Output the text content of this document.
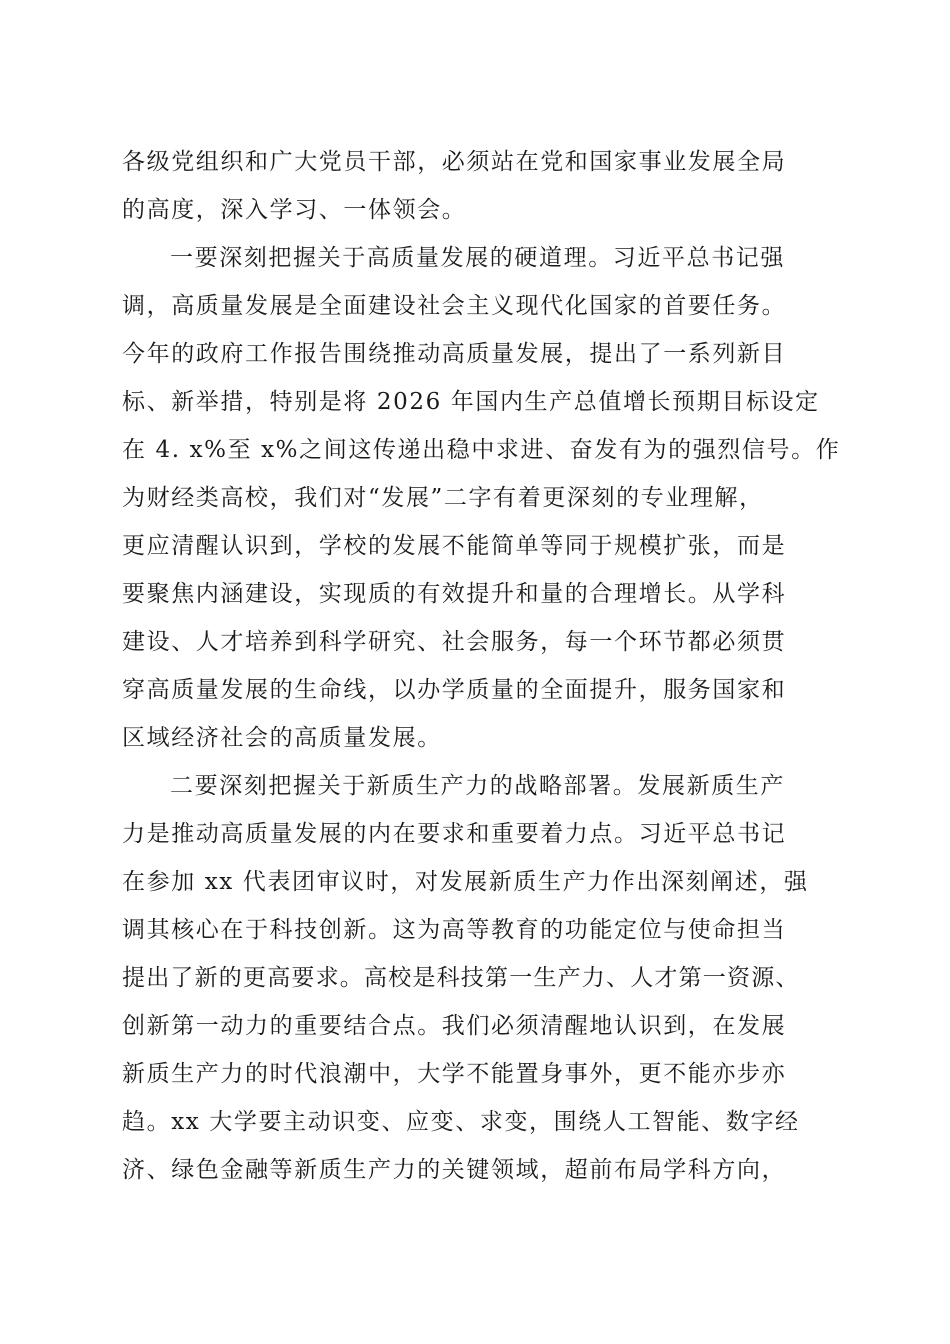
各级党组织和广大党员干部，必须站在党和国家事业发展全局
的高度，深入学习、一体领会。
一要深刻把握关于高质量发展的硬道理。习近平总书记强
调，高质量发展是全面建设社会主义现代化国家的首要任务。
今年的政府工作报告围绕推动高质量发展，提出了一系列新目
标、新举措，特别是将 2026 年国内生产总值增长预期目标设定
在 4. x%至 x%之间这传递出稳中求进、奋发有为的强烈信号。作
为财经类高校，我们对“发展”二字有着更深刻的专业理解，
更应清醒认识到，学校的发展不能简单等同于规模扩张，而是
要聚焦内涵建设，实现质的有效提升和量的合理增长。从学科
建设、人才培养到科学研究、社会服务，每一个环节都必须贯
穿高质量发展的生命线，以办学质量的全面提升，服务国家和
区域经济社会的高质量发展。
二要深刻把握关于新质生产力的战略部署。发展新质生产
力是推动高质量发展的内在要求和重要着力点。习近平总书记
在参加 xx 代表团审议时，对发展新质生产力作出深刻阐述，强
调其核心在于科技创新。这为高等教育的功能定位与使命担当
提出了新的更高要求。高校是科技第一生产力、人才第一资源、
创新第一动力的重要结合点。我们必须清醒地认识到，在发展
新质生产力的时代浪潮中，大学不能置身事外，更不能亦步亦
趋。xx 大学要主动识变、应变、求变，围绕人工智能、数字经
济、绿色金融等新质生产力的关键领域，超前布局学科方向，
